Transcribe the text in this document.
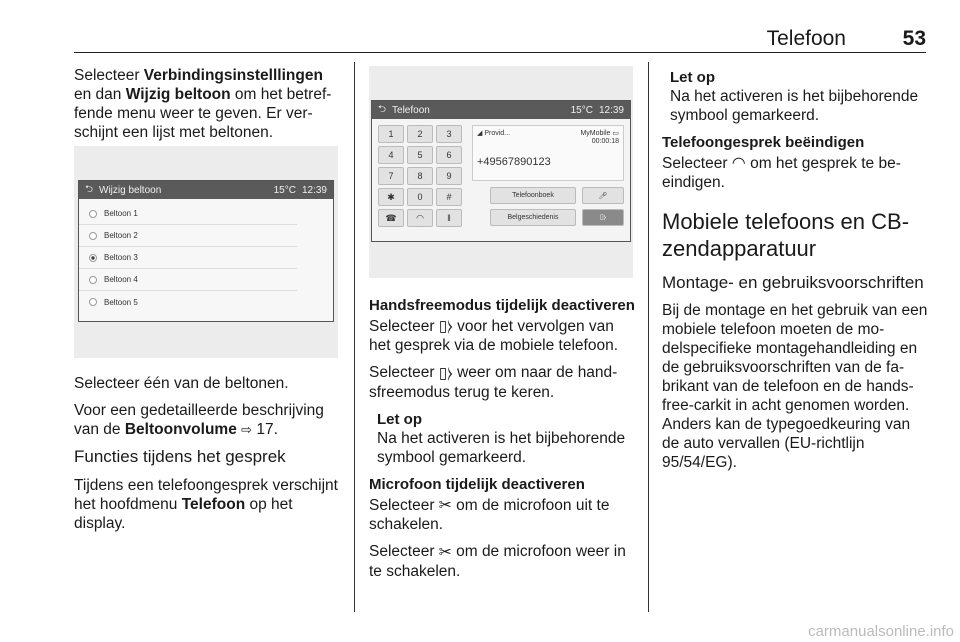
Telefoon	53

Selecteer Verbindingsinstelllingen en dan Wijzig beltoon om het betreffende menu weer te geven. Er verschijnt een lijst met beltonen.

⮌ Wijzig beltoon	15°C 12:39
Beltoon 1
Beltoon 2
Beltoon 3
Beltoon 4
Beltoon 5

Selecteer één van de beltonen.

Voor een gedetailleerde beschrijving van de Beltoonvolume ⇨ 17.

Functies tijdens het gesprek

Tijdens een telefoongesprek verschijnt het hoofdmenu Telefoon op het display.

⮌ Telefoon	15°C 12:39
1	2	3
4	5	6
7	8	9
✱	0	#
☎	◠	‖
◢ Provid...	MyMobile ▭
00:00:18
+49567890123
Telefoonboek	🎤︎
Belgeschiedenis	▯⧽
Handsfreemodus tijdelijk deactiveren

Selecteer ▯⧽ voor het vervolgen van het gesprek via de mobiele telefoon.

Selecteer ▯⧽ weer om naar de handsfreemodus terug te keren.

Let op
Na het activeren is het bijbehorende symbool gemarkeerd.
Microfoon tijdelijk deactiveren

Selecteer ✂ om de microfoon uit te schakelen.

Selecteer ✂ om de microfoon weer in te schakelen.

Let op
Na het activeren is het bijbehorende symbool gemarkeerd.
Telefoongesprek beëindigen

Selecteer ◠ om het gesprek te beeindigen.

Mobiele telefoons en CB-zendapparatuur
Montage- en gebruiksvoorschriften

Bij de montage en het gebruik van een mobiele telefoon moeten de modelspecifieke montagehandleiding en de gebruiksvoorschriften van de fabrikant van de telefoon en de handsfree-carkit in acht genomen worden. Anders kan de typegoedkeuring van de auto vervallen (EU-richtlijn 95/54/EG).

carmanualsonline.info
